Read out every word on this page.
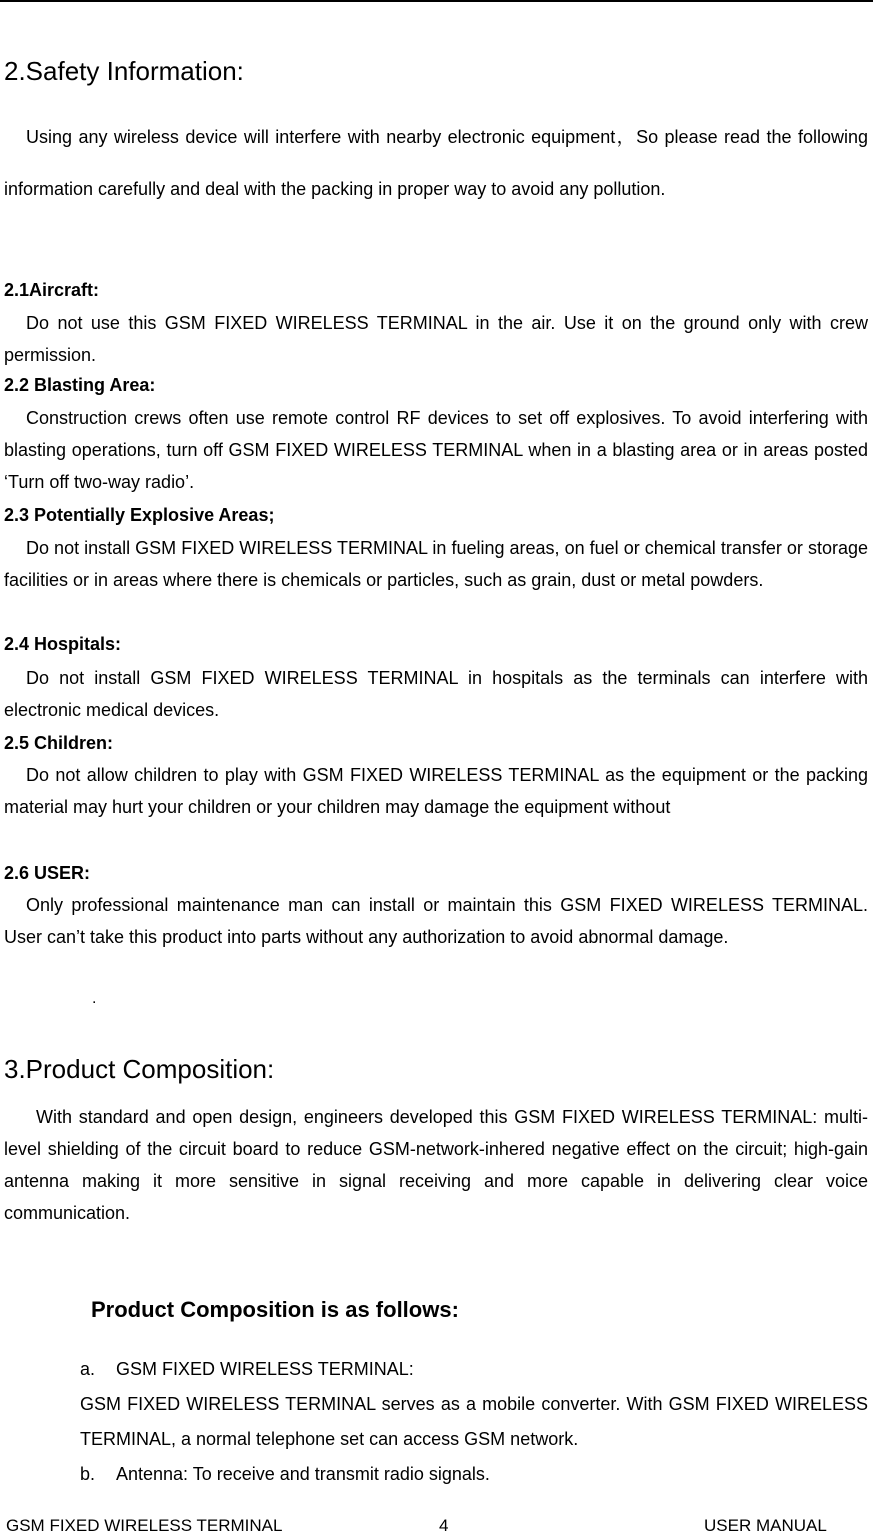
2.Safety Information:
Using any wireless device will interfere with nearby electronic equipment，So please read the following information carefully and deal with the packing in proper way to avoid any pollution.
2.1Aircraft:
Do not use this GSM FIXED WIRELESS TERMINAL in the air. Use it on the ground only with crew permission.
2.2 Blasting Area:
Construction crews often use remote control RF devices to set off explosives. To avoid interfering with blasting operations, turn off GSM FIXED WIRELESS TERMINAL when in a blasting area or in areas posted ‘Turn off two-way radio’.
2.3 Potentially Explosive Areas;
Do not install GSM FIXED WIRELESS TERMINAL in fueling areas, on fuel or chemical transfer or storage facilities or in areas where there is chemicals or particles, such as grain, dust or metal powders.
2.4 Hospitals:
Do not install GSM FIXED WIRELESS TERMINAL in hospitals as the terminals can interfere with electronic medical devices.
2.5 Children:
Do not allow children to play with GSM FIXED WIRELESS TERMINAL as the equipment or the packing material may hurt your children or your children may damage the equipment without
2.6 USER:
Only professional maintenance man can install or maintain this GSM FIXED WIRELESS TERMINAL. User can’t take this product into parts without any authorization to avoid abnormal damage.
.
3.Product Composition:
With standard and open design, engineers developed this GSM FIXED WIRELESS TERMINAL: multi-level shielding of the circuit board to reduce GSM-network-inhered negative effect on the circuit; high-gain antenna making it more sensitive in signal receiving and more capable in delivering clear voice communication.
Product Composition is as follows:
a.	GSM FIXED WIRELESS TERMINAL:
GSM FIXED WIRELESS TERMINAL serves as a mobile converter. With GSM FIXED WIRELESS TERMINAL, a normal telephone set can access GSM network.
b.	Antenna: To receive and transmit radio signals.
GSM FIXED WIRELESS TERMINAL	4	USER MANUAL
